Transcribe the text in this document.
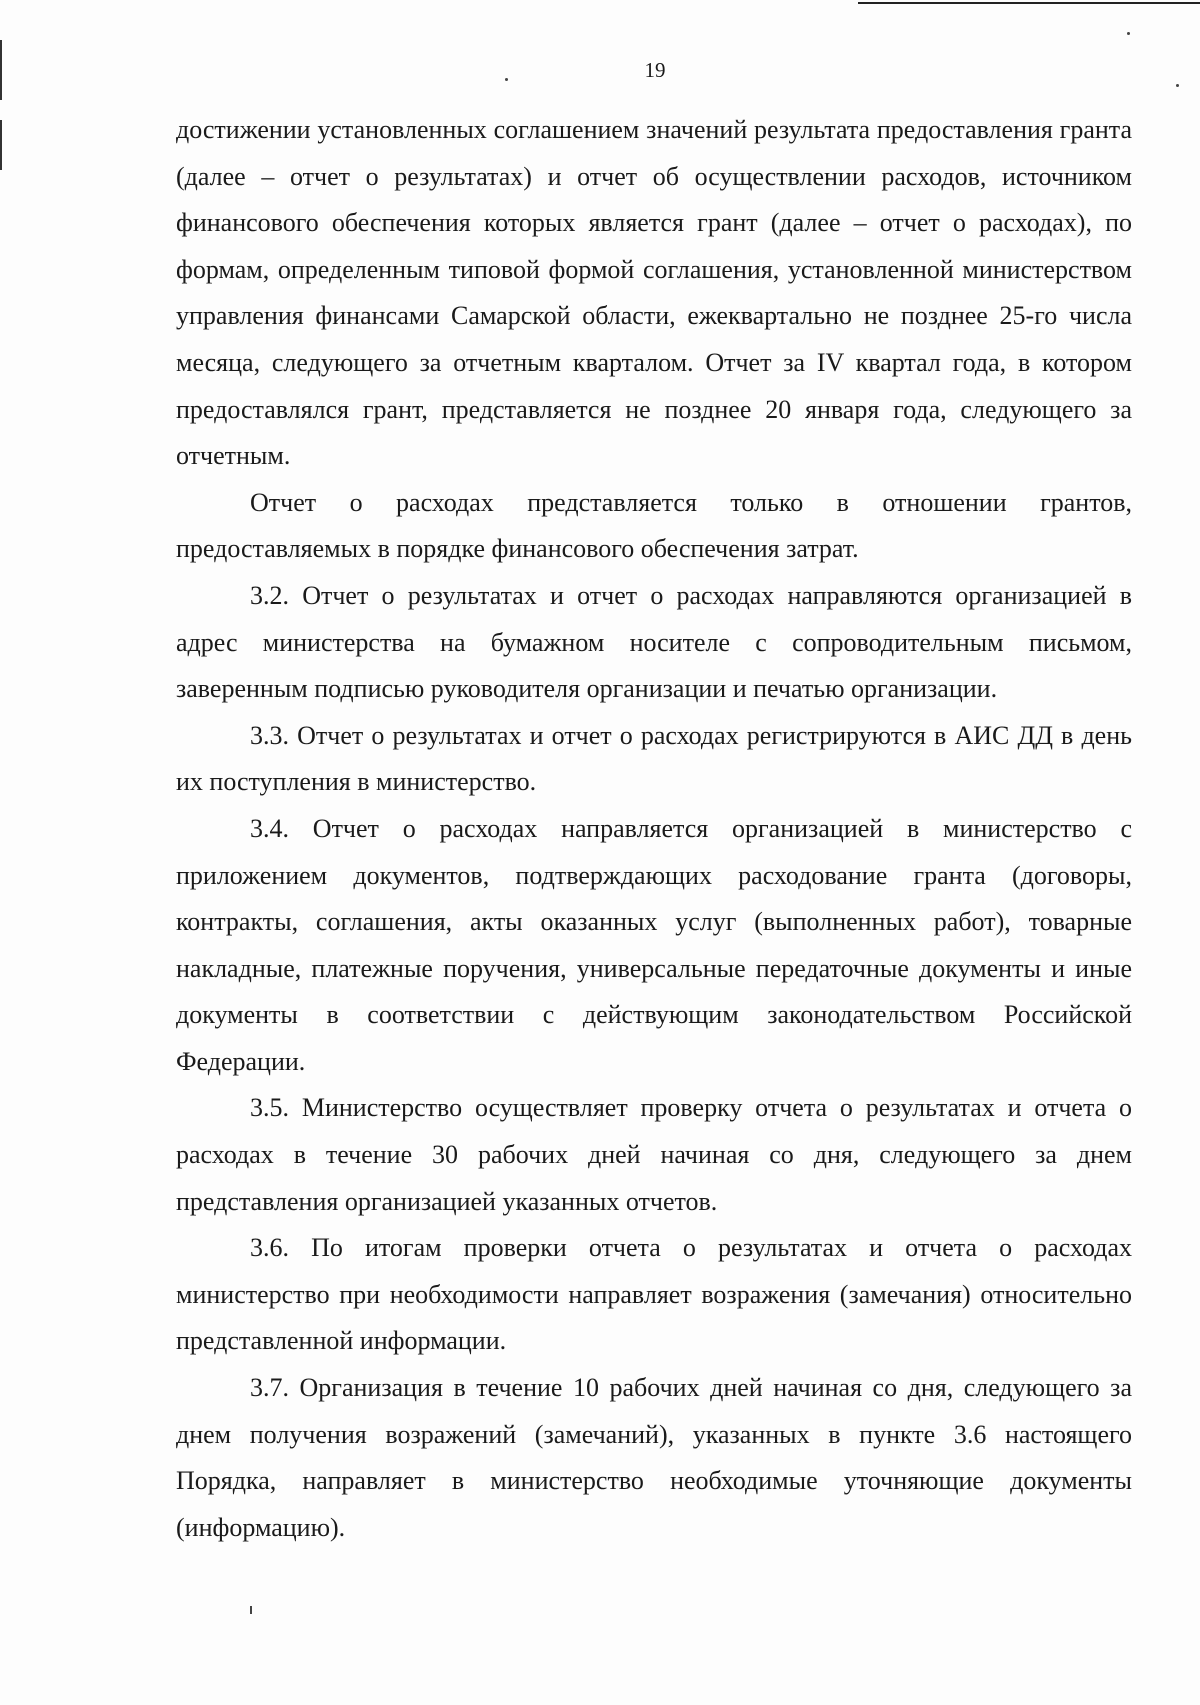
19

достижении установленных соглашением значений результата предоставления гранта (далее – отчет о результатах) и отчет об осуществлении расходов, источником финансового обеспечения которых является грант (далее – отчет о расходах), по формам, определенным типовой формой соглашения, установленной министерством управления финансами Самарской области, ежеквартально не позднее 25-го числа месяца, следующего за отчетным кварталом. Отчет за IV квартал года, в котором предоставлялся грант, представляется не позднее 20 января года, следующего за отчетным.

Отчет о расходах представляется только в отношении грантов, предоставляемых в порядке финансового обеспечения затрат.

3.2. Отчет о результатах и отчет о расходах направляются организацией в адрес министерства на бумажном носителе с сопроводительным письмом, заверенным подписью руководителя организации и печатью организации.

3.3. Отчет о результатах и отчет о расходах регистрируются в АИС ДД в день их поступления в министерство.

3.4. Отчет о расходах направляется организацией в министерство с приложением документов, подтверждающих расходование гранта (договоры, контракты, соглашения, акты оказанных услуг (выполненных работ), товарные накладные, платежные поручения, универсальные передаточные документы и иные документы в соответствии с действующим законодательством Российской Федерации.

3.5. Министерство осуществляет проверку отчета о результатах и отчета о расходах в течение 30 рабочих дней начиная со дня, следующего за днем представления организацией указанных отчетов.

3.6. По итогам проверки отчета о результатах и отчета о расходах министерство при необходимости направляет возражения (замечания) относительно представленной информации.

3.7. Организация в течение 10 рабочих дней начиная со дня, следующего за днем получения возражений (замечаний), указанных в пункте 3.6 настоящего Порядка, направляет в министерство необходимые уточняющие документы (информацию).
